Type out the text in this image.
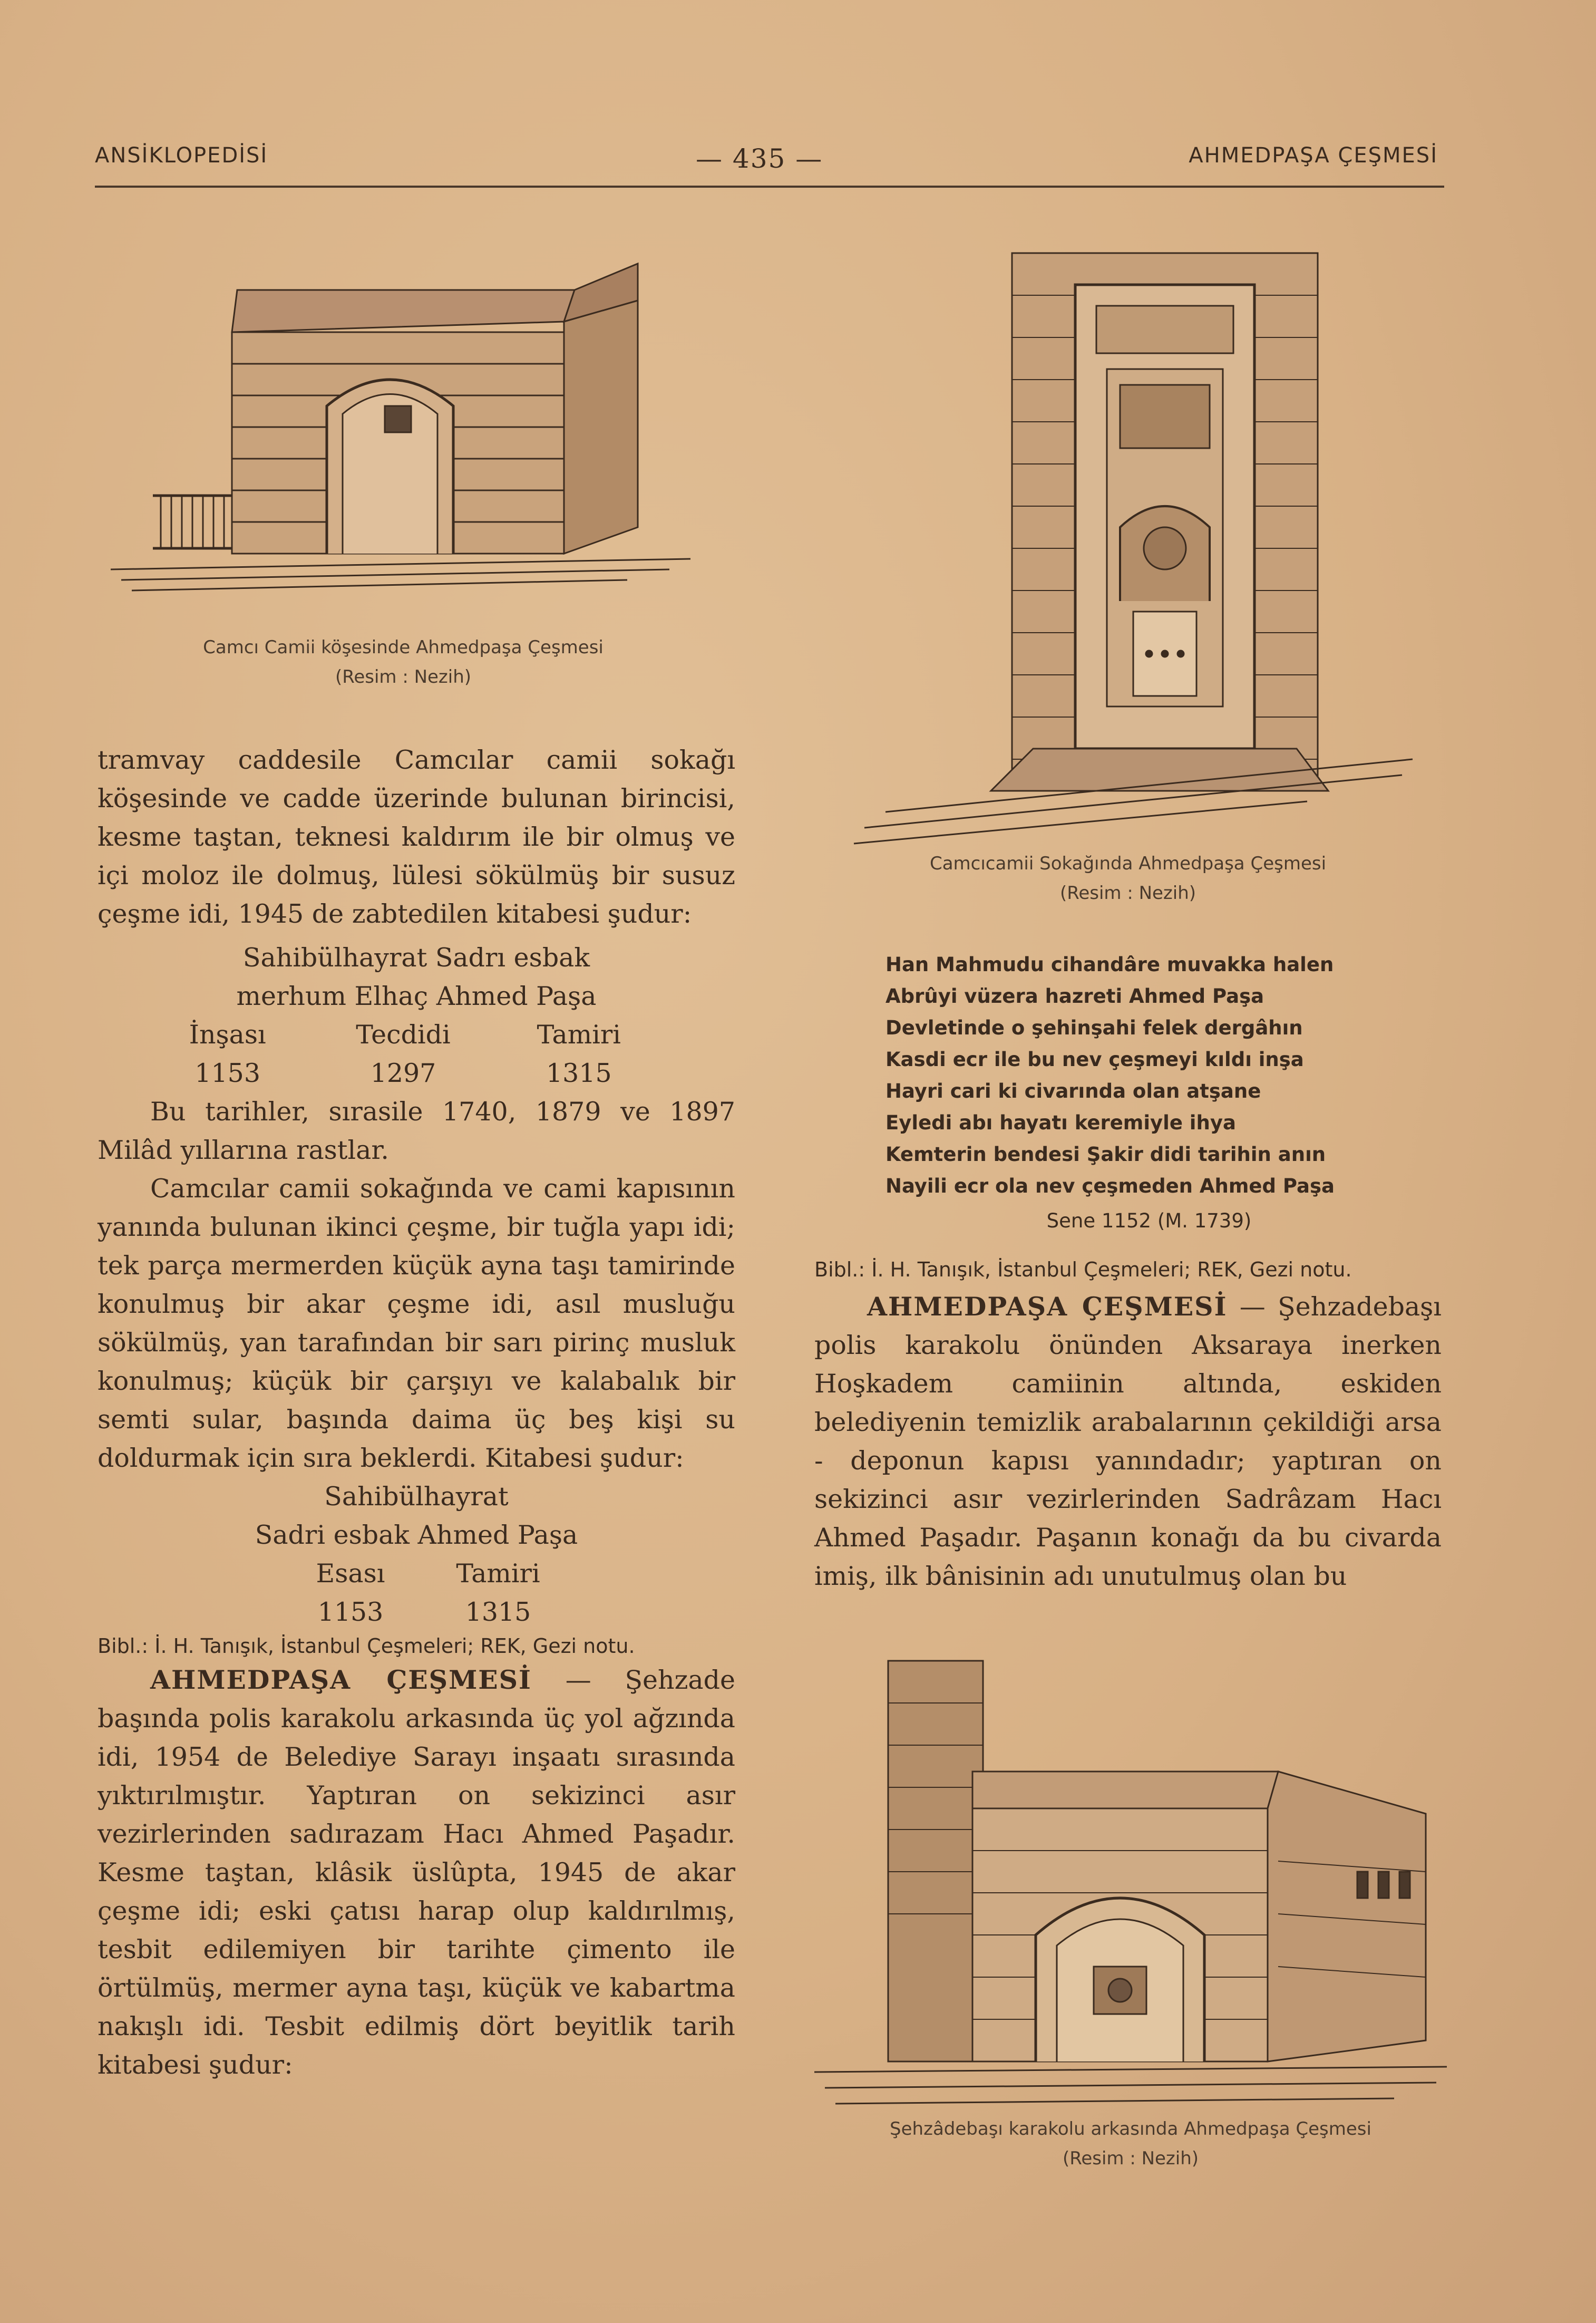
ANSİKLOPEDİSİ	— 435 —	AHMEDPAŞA ÇEŞMESİ
Camcı Camii köşesinde Ahmedpaşa Çeşmesi
(Resim : Nezih)
Camcıcamii Sokağında Ahmedpaşa Çeşmesi
(Resim : Nezih)

tramvay caddesile Camcılar camii sokağı köşesinde ve cadde üzerinde bulunan birincisi, kesme taştan, teknesi kaldırım ile bir olmuş ve içi moloz ile dolmuş, lülesi sökülmüş bir susuz çeşme idi, 1945 de zabtedilen kitabesi şudur:

Sahibülhayrat Sadrı esbak

merhum Elhaç Ahmed Paşa

İnşası	Tecdidi	Tamiri
1153	1297	1315

Bu tarihler, sırasile 1740, 1879 ve 1897 Milâd yıllarına rastlar.

Camcılar camii sokağında ve cami kapısının yanında bulunan ikinci çeşme, bir tuğla yapı idi; tek parça mermerden küçük ayna taşı tamirinde konulmuş bir akar çeşme idi, asıl musluğu sökülmüş, yan tarafından bir sarı pirinç musluk konulmuş; küçük bir çarşıyı ve kalabalık bir semti sular, başında daima üç beş kişi su doldurmak için sıra beklerdi. Kitabesi şudur:

Sahibülhayrat

Sadri esbak Ahmed Paşa

Esası	Tamiri
1153	1315

Bibl.: İ. H. Tanışık, İstanbul Çeşmeleri; REK, Gezi notu.

AHMEDPAŞA ÇEŞMESİ — Şehzade başında polis karakolu arkasında üç yol ağzında idi, 1954 de Belediye Sarayı inşaatı sırasında yıktırılmıştır. Yaptıran on sekizinci asır vezirlerinden sadırazam Hacı Ahmed Paşadır. Kesme taştan, klâsik üslûpta, 1945 de akar çeşme idi; eski çatısı harap olup kaldırılmış, tesbit edilemiyen bir tarihte çimento ile örtülmüş, mermer ayna taşı, küçük ve kabartma nakışlı idi. Tesbit edilmiş dört beyitlik tarih kitabesi şudur:

Han Mahmudu cihandâre muvakka halen
Abrûyi vüzera hazreti Ahmed Paşa
Devletinde o şehinşahi felek dergâhın
Kasdi ecr ile bu nev çeşmeyi kıldı inşa
Hayri cari ki civarında olan atşane
Eyledi abı hayatı keremiyle ihya
Kemterin bendesi Şakir didi tarihin anın
Nayili ecr ola nev çeşmeden Ahmed Paşa
Sene 1152 (M. 1739)

Bibl.: İ. H. Tanışık, İstanbul Çeşmeleri; REK, Gezi notu.

AHMEDPAŞA ÇEŞMESİ — Şehzadebaşı polis karakolu önünden Aksaraya inerken Hoşkadem camiinin altında, eskiden belediyenin temizlik arabalarının çekildiği arsa - deponun kapısı yanındadır; yaptıran on sekizinci asır vezirlerinden Sadrâzam Hacı Ahmed Paşadır. Paşanın konağı da bu civarda imiş, ilk bânisinin adı unutulmuş olan bu

Şehzâdebaşı karakolu arkasında Ahmedpaşa Çeşmesi
(Resim : Nezih)
